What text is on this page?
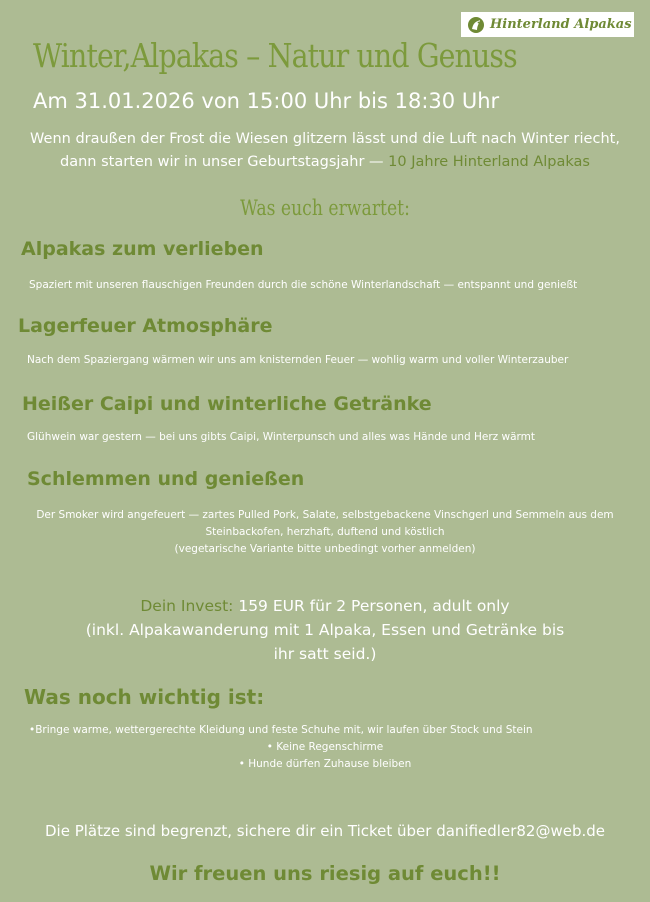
Hinterland Alpakas
Winter,Alpakas – Natur und Genuss
Am 31.01.2026 von 15:00 Uhr bis 18:30 Uhr
Wenn draußen der Frost die Wiesen glitzern lässt und die Luft nach Winter riecht,
dann starten wir in unser Geburtstagsjahr — 10 Jahre Hinterland Alpakas
Was euch erwartet:
Alpakas zum verlieben
Spaziert mit unseren flauschigen Freunden durch die schöne Winterlandschaft — entspannt und genießt
Lagerfeuer Atmosphäre
Nach dem Spaziergang wärmen wir uns am knisternden Feuer — wohlig warm und voller Winterzauber
Heißer Caipi und winterliche Getränke
Glühwein war gestern — bei uns gibts Caipi, Winterpunsch und alles was Hände und Herz wärmt
Schlemmen und genießen
Der Smoker wird angefeuert — zartes Pulled Pork, Salate, selbstgebackene Vinschgerl und Semmeln aus dem
Steinbackofen, herzhaft, duftend und köstlich
(vegetarische Variante bitte unbedingt vorher anmelden)
Dein Invest: 159 EUR für 2 Personen, adult only
(inkl. Alpakawanderung mit 1 Alpaka, Essen und Getränke bis
ihr satt seid.)
Was noch wichtig ist:
•Bringe warme, wettergerechte Kleidung und feste Schuhe mit, wir laufen über Stock und Stein
• Keine Regenschirme
• Hunde dürfen Zuhause bleiben
Die Plätze sind begrenzt, sichere dir ein Ticket über danifiedler82@web.de
Wir freuen uns riesig auf euch!!
